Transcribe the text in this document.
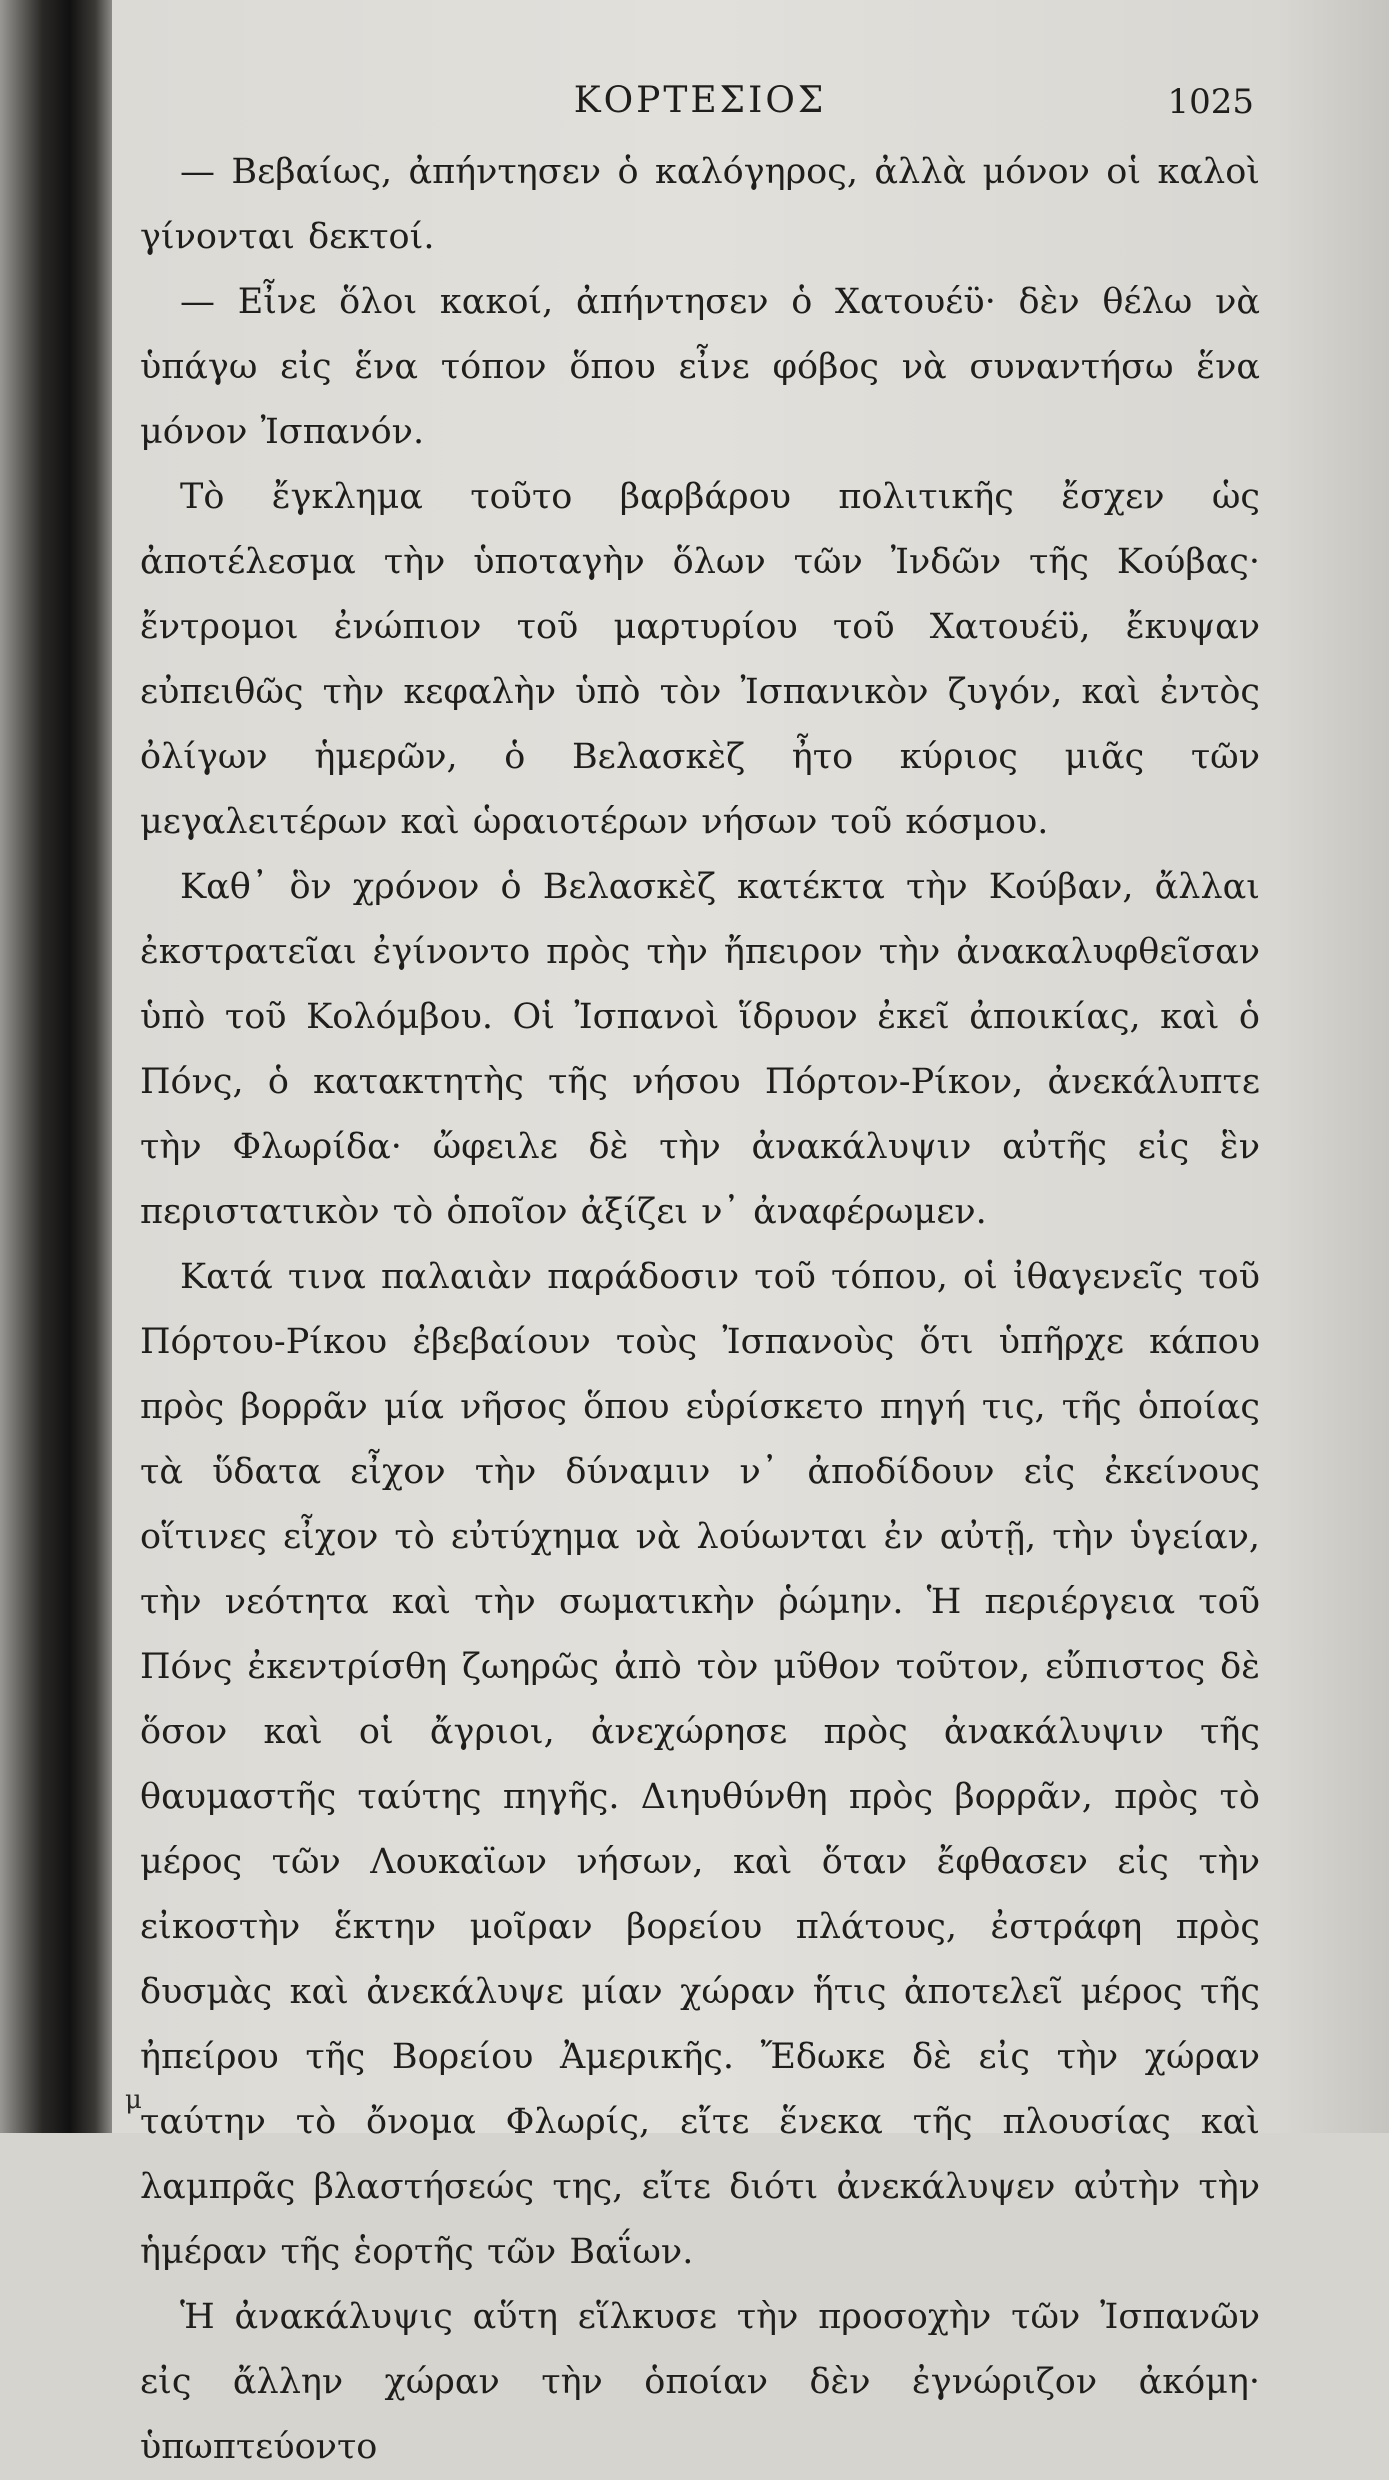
ΚΟΡΤΕΣΙΟΣ	1025

— Βεβαίως, ἀπήντησεν ὁ καλόγηρος, ἀλλὰ μόνον οἱ καλοὶ γίνονται δεκτοί.

— Εἶνε ὅλοι κακοί, ἀπήντησεν ὁ Χατουέϋ· δὲν θέλω νὰ ὑπάγω εἰς ἕνα τόπον ὅπου εἶνε φόβος νὰ συναντήσω ἕνα μόνον Ἰσπανόν.

Τὸ ἔγκλημα τοῦτο βαρβάρου πολιτικῆς ἔσχεν ὡς ἀποτέλεσμα τὴν ὑποταγὴν ὅλων τῶν Ἰνδῶν τῆς Κούβας· ἔντρομοι ἐνώπιον τοῦ μαρτυρίου τοῦ Χατουέϋ, ἔκυψαν εὐπειθῶς τὴν κεφαλὴν ὑπὸ τὸν Ἰσπανικὸν ζυγόν, καὶ ἐντὸς ὀλίγων ἡμερῶν, ὁ Βελασκὲζ ἦτο κύριος μιᾶς τῶν μεγαλειτέρων καὶ ὡραιοτέρων νήσων τοῦ κόσμου.

Καθ᾽ ὃν χρόνον ὁ Βελασκὲζ κατέκτα τὴν Κούβαν, ἄλλαι ἐκστρατεῖαι ἐγίνοντο πρὸς τὴν ἤπειρον τὴν ἀνακαλυφθεῖσαν ὑπὸ τοῦ Κολόμβου. Οἱ Ἰσπανοὶ ἵδρυον ἐκεῖ ἀποικίας, καὶ ὁ Πόνς, ὁ κατακτητὴς τῆς νήσου Πόρτον-Ρίκον, ἀνεκάλυπτε τὴν Φλωρίδα· ὤφειλε δὲ τὴν ἀνακάλυψιν αὐτῆς εἰς ἓν περιστατικὸν τὸ ὁποῖον ἀξίζει ν᾽ ἀναφέρωμεν.

Κατά τινα παλαιὰν παράδοσιν τοῦ τόπου, οἱ ἰθαγενεῖς τοῦ Πόρτου-Ρίκου ἐβεβαίουν τοὺς Ἰσπανοὺς ὅτι ὑπῆρχε κάπου πρὸς βορρᾶν μία νῆσος ὅπου εὑρίσκετο πηγή τις, τῆς ὁποίας τὰ ὕδατα εἶχον τὴν δύναμιν ν᾽ ἀποδίδουν εἰς ἐκείνους οἵτινες εἶχον τὸ εὐτύχημα νὰ λούωνται ἐν αὐτῇ, τὴν ὑγείαν, τὴν νεότητα καὶ τὴν σωματικὴν ῥώμην. Ἡ περιέργεια τοῦ Πόνς ἐκεντρίσθη ζωηρῶς ἀπὸ τὸν μῦθον τοῦτον, εὔπιστος δὲ ὅσον καὶ οἱ ἄγριοι, ἀνεχώρησε πρὸς ἀνακάλυψιν τῆς θαυμαστῆς ταύτης πηγῆς. Διηυθύνθη πρὸς βορρᾶν, πρὸς τὸ μέρος τῶν Λουκαϊων νήσων, καὶ ὅταν ἔφθασεν εἰς τὴν εἰκοστὴν ἕκτην μοῖραν βορείου πλάτους, ἐστράφη πρὸς δυσμὰς καὶ ἀνεκάλυψε μίαν χώραν ἥτις ἀποτελεῖ μέρος τῆς ἠπείρου τῆς Βορείου Ἀμερικῆς. Ἔδωκε δὲ εἰς τὴν χώραν ταύτην τὸ ὄνομα Φλωρίς, εἴτε ἕνεκα τῆς πλουσίας καὶ λαμπρᾶς βλαστήσεώς της, εἴτε διότι ἀνεκάλυψεν αὐτὴν τὴν ἡμέραν τῆς ἑορτῆς τῶν Βαΐων.

Ἡ ἀνακάλυψις αὕτη εἵλκυσε τὴν προσοχὴν τῶν Ἰσπανῶν εἰς ἄλλην χώραν τὴν ὁποίαν δὲν ἐγνώριζον ἀκόμη· ὑπωπτεύοντο

μ
